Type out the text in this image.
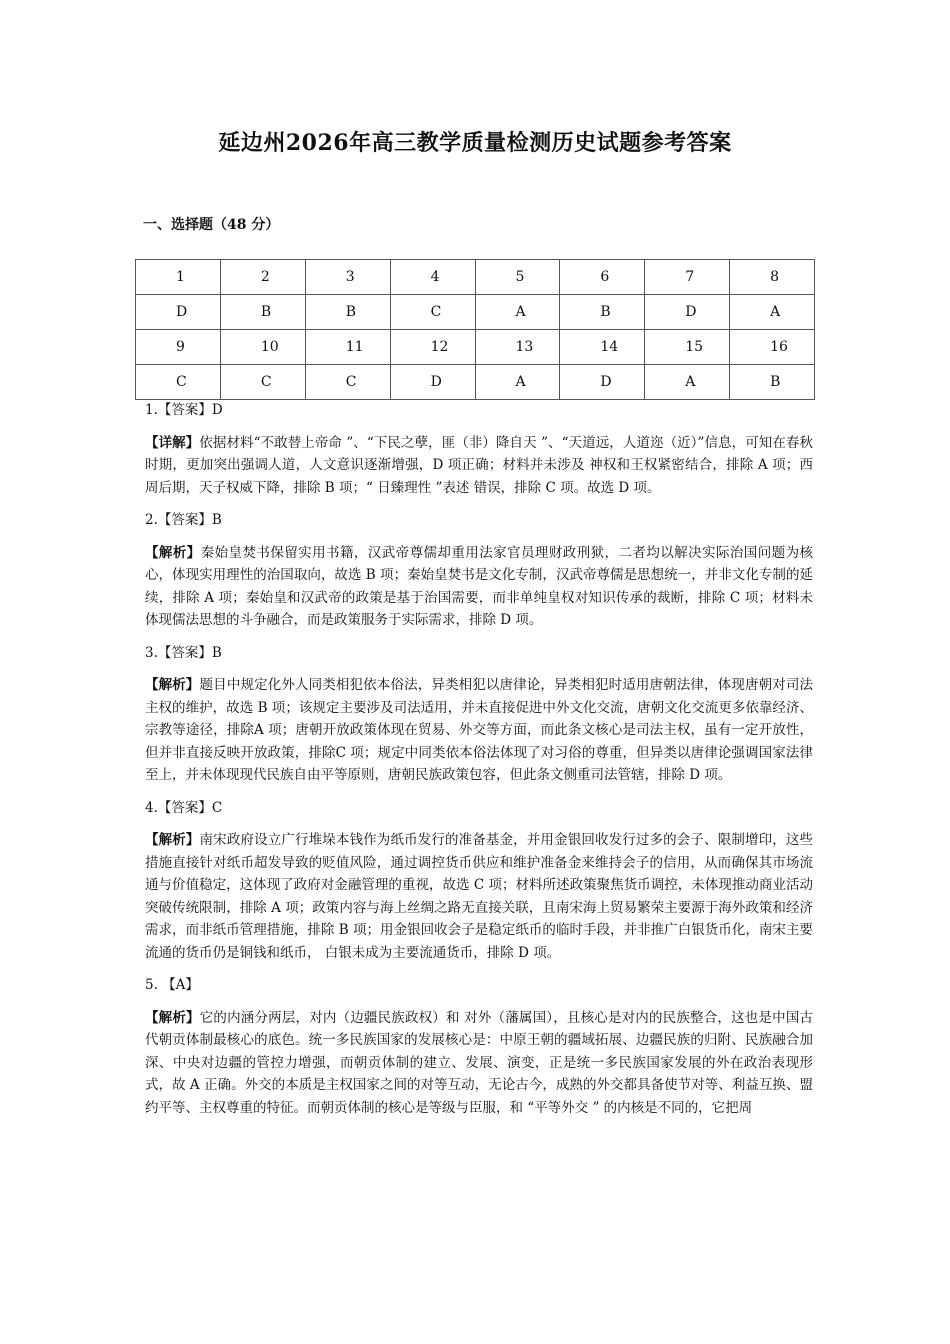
延边州2026年高三教学质量检测历史试题参考答案
一、选择题（48 分）
1	2	3	4	5	6	7	8
D	B	B	C	A	B	D	A
9	10	11	12	13	14	15	16
C	C	C	D	A	D	A	B
1.【答案】D
【详解】依据材料“不敢替上帝命 ”、“下民之孽，匪（非）降自天 ”、“天道远，人道迩（近）”信息，可知在春秋时期，更加突出强调人道，人文意识逐渐增强，D 项正确；材料并未涉及 神权和王权紧密结合，排除 A 项；西周后期，天子权威下降，排除 B 项；“ 日臻理性 ”表述 错误，排除 C 项。故选 D 项。
2.【答案】B
【解析】秦始皇焚书保留实用书籍，汉武帝尊儒却重用法家官员理财政刑狱，二者均以解决实际治国问题为核心，体现实用理性的治国取向，故选 B 项；秦始皇焚书是文化专制，汉武帝尊儒是思想统一，并非文化专制的延续，排除 A 项；秦始皇和汉武帝的政策是基于治国需要，而非单纯皇权对知识传承的裁断，排除 C 项；材料未体现儒法思想的斗争融合，而是政策服务于实际需求，排除 D 项。
3.【答案】B
【解析】题目中规定化外人同类相犯依本俗法，异类相犯以唐律论，异类相犯时适用唐朝法律，体现唐朝对司法主权的维护，故选 B 项；该规定主要涉及司法适用，并未直接促进中外文化交流，唐朝文化交流更多依靠经济、宗教等途径，排除A 项；唐朝开放政策体现在贸易、外交等方面，而此条文核心是司法主权，虽有一定开放性，但并非直接反映开放政策，排除C 项；规定中同类依本俗法体现了对习俗的尊重，但异类以唐律论强调国家法律至上，并未体现现代民族自由平等原则，唐朝民族政策包容，但此条文侧重司法管辖，排除 D 项。
4.【答案】C
【解析】南宋政府设立广行堆垛本钱作为纸币发行的准备基金，并用金银回收发行过多的会子、限制增印，这些措施直接针对纸币超发导致的贬值风险，通过调控货币供应和维护准备金来维持会子的信用，从而确保其市场流通与价值稳定，这体现了政府对金融管理的重视，故选 C 项；材料所述政策聚焦货币调控，未体现推动商业活动突破传统限制，排除 A 项；政策内容与海上丝绸之路无直接关联，且南宋海上贸易繁荣主要源于海外政策和经济需求，而非纸币管理措施，排除 B 项；用金银回收会子是稳定纸币的临时手段，并非推广白银货币化，南宋主要流通的货币仍是铜钱和纸币， 白银未成为主要流通货币，排除 D 项。
5. 【A】
【解析】它的内涵分两层，对内（边疆民族政权）和 对外（藩属国），且核心是对内的民族整合，这也是中国古代朝贡体制最核心的底色。统一多民族国家的发展核心是：中原王朝的疆域拓展、边疆民族的归附、民族融合加深、中央对边疆的管控力增强，而朝贡体制的建立、发展、演变，正是统一多民族国家发展的外在政治表现形式，故 A 正确。外交的本质是主权国家之间的对等互动，无论古今，成熟的外交都具备使节对等、利益互换、盟约平等、主权尊重的特征。而朝贡体制的核心是等级与臣服，和 “平等外交 ” 的内核是不同的，它把周
